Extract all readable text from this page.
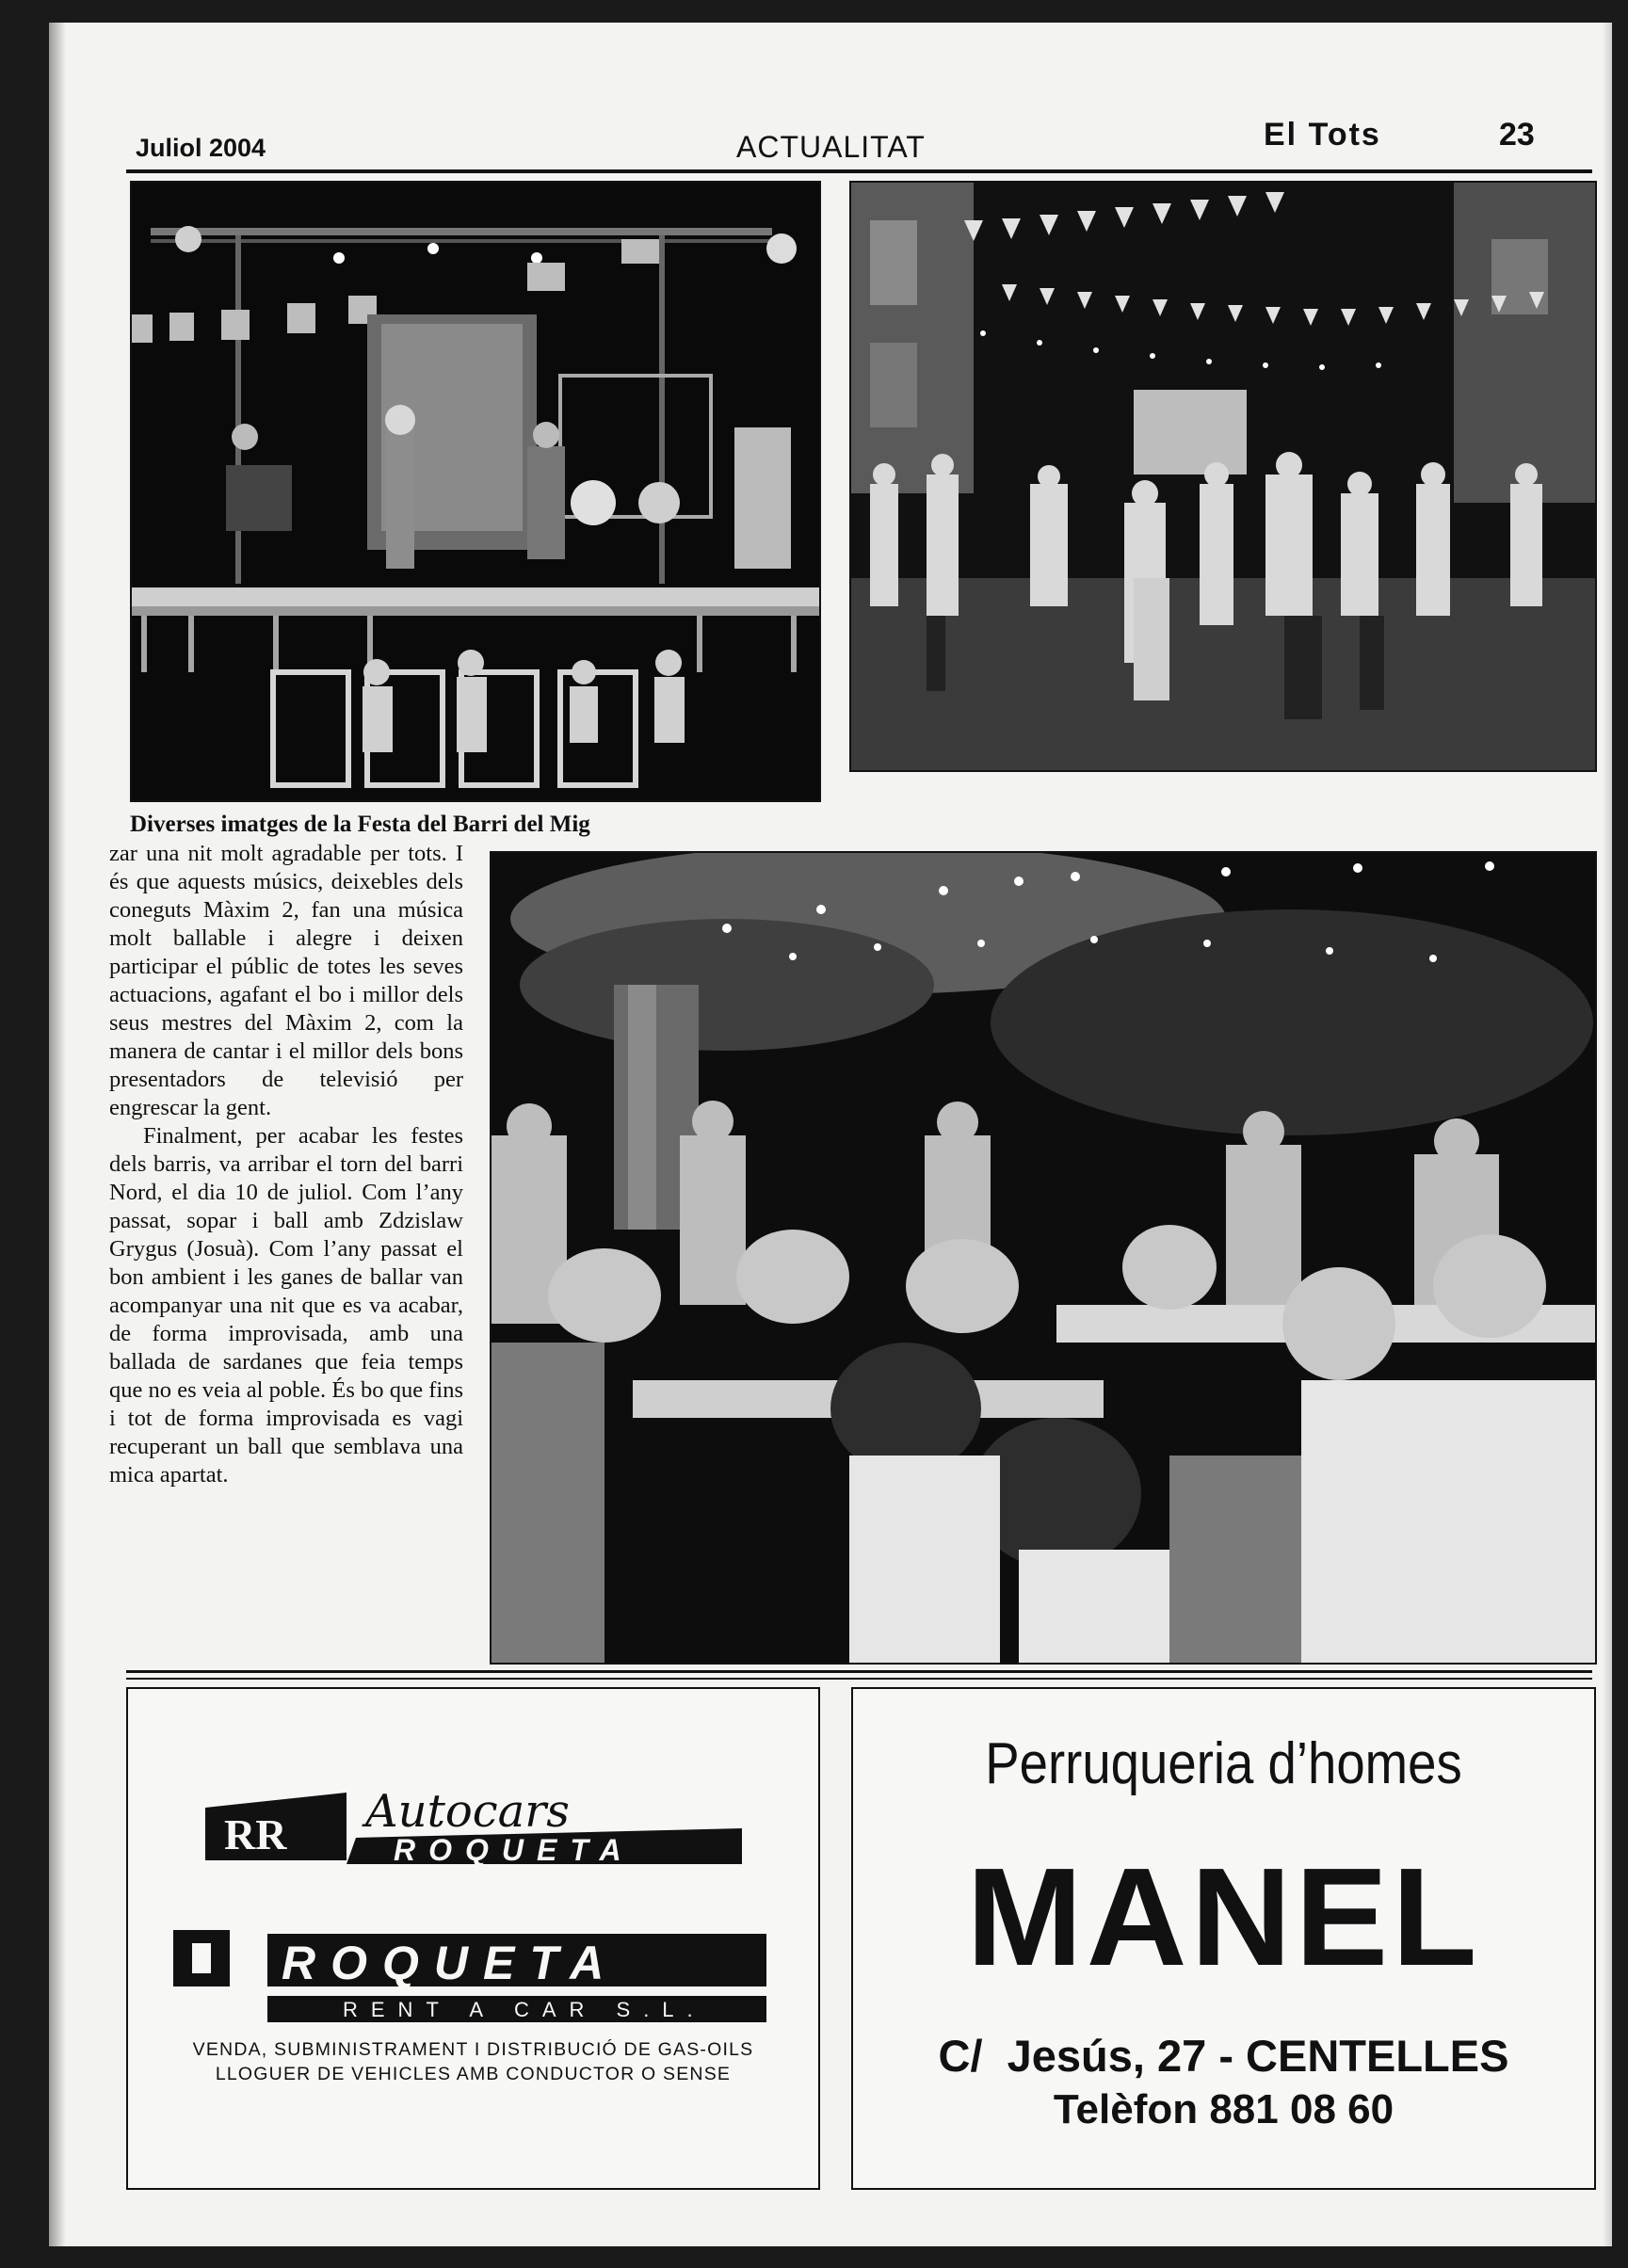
Juliol 2004	ACTUALITAT	El Tots	23
Diverses imatges de la Festa del Barri del Mig

zar una nit molt agradable per tots. I és que aquests músics, deixebles dels coneguts Màxim 2, fan una música molt ballable i alegre i deixen participar el públic de totes les seves actuacions, agafant el bo i millor dels seus mestres del Màxim 2, com la manera de cantar i el millor dels bons presentadors de televisió per engrescar la gent.

Finalment, per acabar les festes dels barris, va arribar el torn del barri Nord, el dia 10 de juliol. Com l’any passat, sopar i ball amb Zdzislaw Grygus (Josuà). Com l’any passat el bon ambient i les ganes de ballar van acompanyar una nit que es va acabar, de forma improvisada, amb una ballada de sardanes que feia temps que no es veia al poble. És bo que fins i tot de forma improvisada es vagi recuperant un ball que semblava una mica apartat.

RR Autocars
ROQUETA
ROQUETA
RENT A CAR S.L.
VENDA, SUBMINISTRAMENT I DISTRIBUCIÓ DE GAS-OILS
LLOGUER DE VEHICLES AMB CONDUCTOR O SENSE
Perruqueria d’homes
MANEL
C/  Jesús, 27 - CENTELLES
Telèfon 881 08 60
